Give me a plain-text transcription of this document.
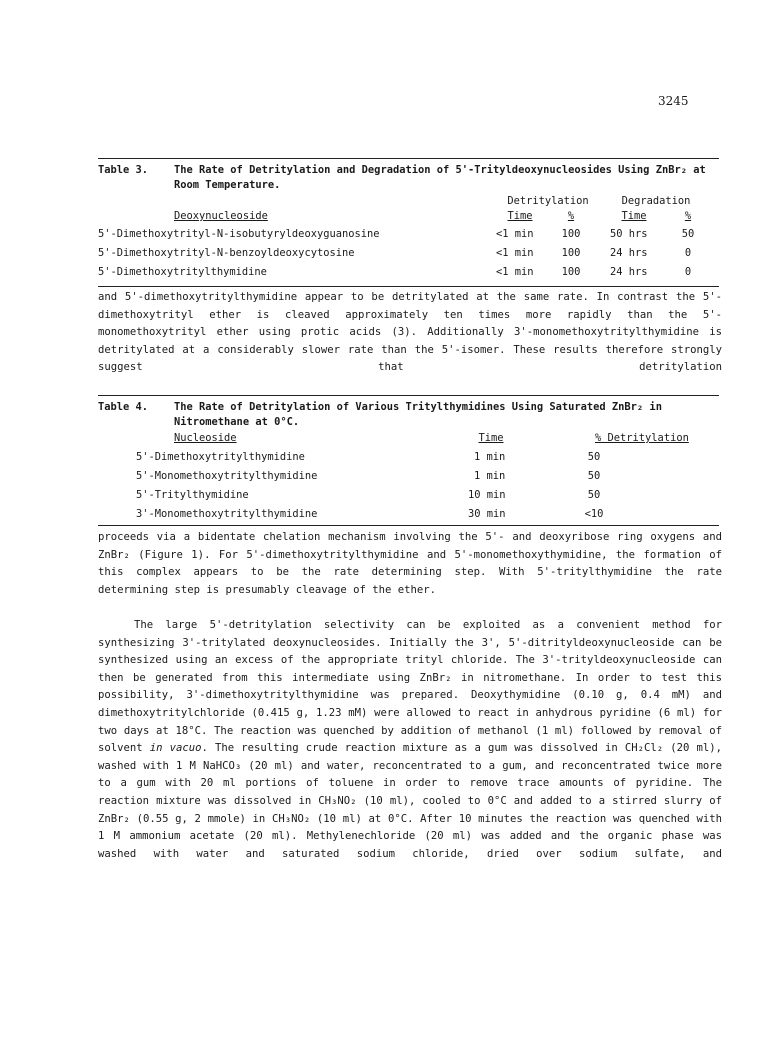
3245
Table 3. The Rate of Detritylation and Degradation of 5'-Trityldeoxynucleosides Using ZnBr₂ at Room Temperature.
Detritylation	Degradation
Deoxynucleoside	Time	%	Time	%
5'-Dimethoxytrityl-N-isobutyryldeoxyguanosine	<1 min	100	50 hrs	50
5'-Dimethoxytrityl-N-benzoyldeoxycytosine	<1 min	100	24 hrs	0
5'-Dimethoxytritylthymidine	<1 min	100	24 hrs	0

and 5'-dimethoxytritylthymidine appear to be detritylated at the same rate. In contrast the 5'-dimethoxytrityl ether is cleaved approximately ten times more rapidly than the 5'-monomethoxytrityl ether using protic acids (3). Additionally 3'-monomethoxytritylthymidine is detritylated at a considerably slower rate than the 5'-isomer. These results therefore strongly suggest that detritylation

Table 4. The Rate of Detritylation of Various Tritylthymidines Using Saturated ZnBr₂ in Nitromethane at 0°C.
Nucleoside	Time	% Detritylation
5'-Dimethoxytritylthymidine	1 min	50
5'-Monomethoxytritylthymidine	1 min	50
5'-Tritylthymidine	10 min	50
3'-Monomethoxytritylthymidine	30 min	<10

proceeds via a bidentate chelation mechanism involving the 5'- and deoxyribose ring oxygens and ZnBr₂ (Figure 1). For 5'-dimethoxytritylthymidine and 5'-monomethoxythymidine, the formation of this complex appears to be the rate determining step. With 5'-tritylthymidine the rate determining step is presumably cleavage of the ether.

The large 5'-detritylation selectivity can be exploited as a convenient method for synthesizing 3'-tritylated deoxynucleosides. Initially the 3', 5'-ditrityldeoxynucleoside can be synthesized using an excess of the appropriate trityl chloride. The 3'-trityldeoxynucleoside can then be generated from this intermediate using ZnBr₂ in nitromethane. In order to test this possibility, 3'-dimethoxytritylthymidine was prepared. Deoxythymidine (0.10 g, 0.4 mM) and dimethoxytritylchloride (0.415 g, 1.23 mM) were allowed to react in anhydrous pyridine (6 ml) for two days at 18°C. The reaction was quenched by addition of methanol (1 ml) followed by removal of solvent in vacuo. The resulting crude reaction mixture as a gum was dissolved in CH₂Cl₂ (20 ml), washed with 1 M NaHCO₃ (20 ml) and water, reconcentrated to a gum, and reconcentrated twice more to a gum with 20 ml portions of toluene in order to remove trace amounts of pyridine. The reaction mixture was dissolved in CH₃NO₂ (10 ml), cooled to 0°C and added to a stirred slurry of ZnBr₂ (0.55 g, 2 mmole) in CH₃NO₂ (10 ml) at 0°C. After 10 minutes the reaction was quenched with 1 M ammonium acetate (20 ml). Methylenechloride (20 ml) was added and the organic phase was washed with water and saturated sodium chloride, dried over sodium sulfate, and
